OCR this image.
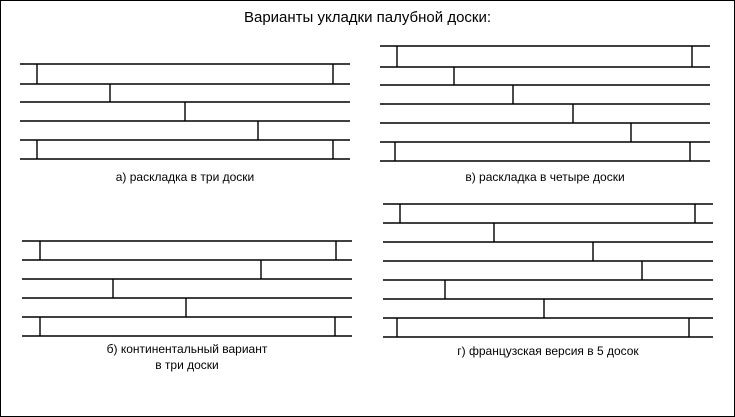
Варианты укладки палубной доски:
а) раскладка в три доски	в) раскладка в четыре доски
б) континентальный вариант
в три доски
г) французская версия в 5 досок
